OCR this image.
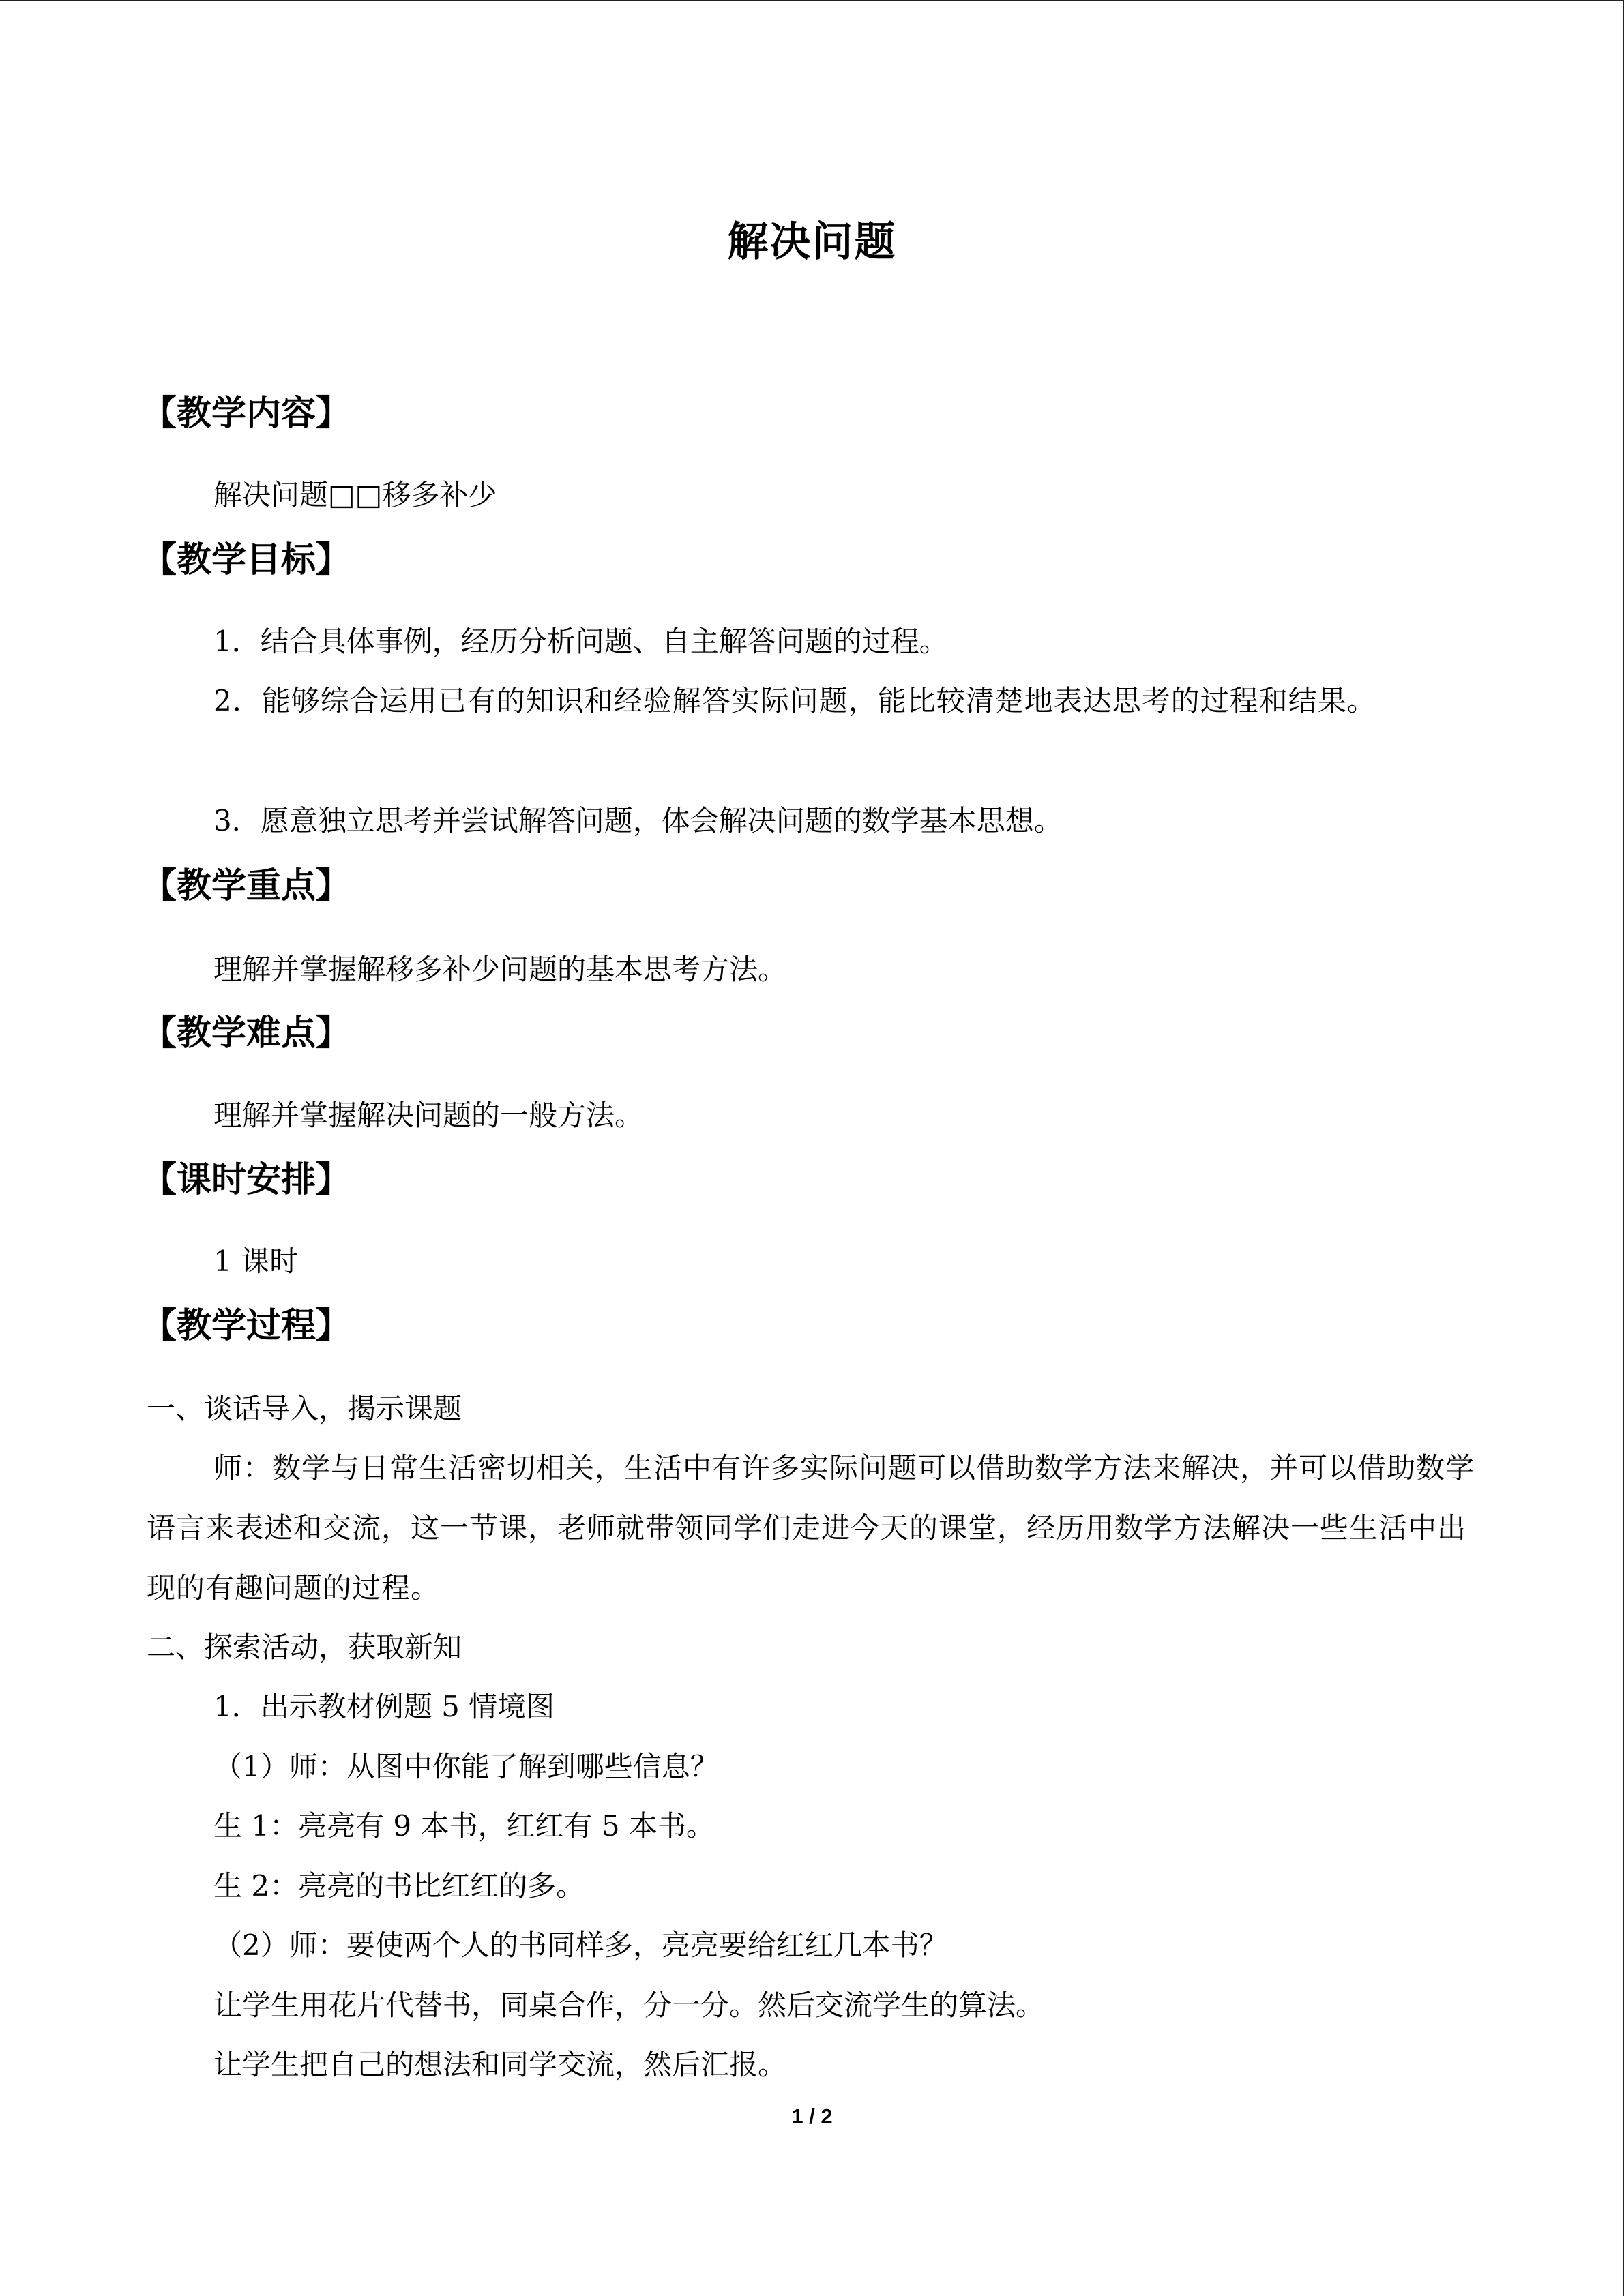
解决问题
【教学内容】
解决问题□□移多补少
【教学目标】
1．结合具体事例，经历分析问题、自主解答问题的过程。
2．能够综合运用已有的知识和经验解答实际问题，能比较清楚地表达思考的过程和结果。
3．愿意独立思考并尝试解答问题，体会解决问题的数学基本思想。
【教学重点】
理解并掌握解移多补少问题的基本思考方法。
【教学难点】
理解并掌握解决问题的一般方法。
【课时安排】
1 课时
【教学过程】
一、谈话导入，揭示课题
师：数学与日常生活密切相关，生活中有许多实际问题可以借助数学方法来解决，并可以借助数学语言来表述和交流，这一节课，老师就带领同学们走进今天的课堂，经历用数学方法解决一些生活中出现的有趣问题的过程。
二、探索活动，获取新知
1．出示教材例题 5 情境图
（1）师：从图中你能了解到哪些信息？
生 1：亮亮有 9 本书，红红有 5 本书。
生 2：亮亮的书比红红的多。
（2）师：要使两个人的书同样多，亮亮要给红红几本书？
让学生用花片代替书，同桌合作，分一分。然后交流学生的算法。
让学生把自己的想法和同学交流，然后汇报。
1 / 2
